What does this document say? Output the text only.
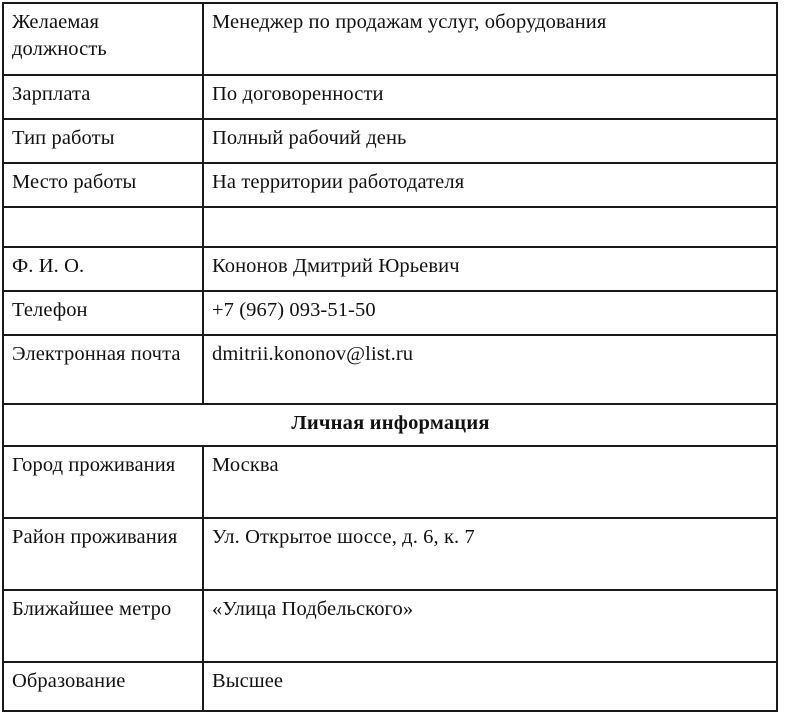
Желаемая должность	Менеджер по продажам услуг, оборудования
Зарплата	По договоренности
Тип работы	Полный рабочий день
Место работы	На территории работодателя

Ф. И. О.	Кононов Дмитрий Юрьевич
Телефон	+7 (967) 093-51-50
Электронная почта	dmitrii.kononov@list.ru
Личная информация	
Город проживания	Москва
Район проживания	Ул. Открытое шоссе, д. 6, к. 7
Ближайшее метро	«Улица Подбельского»
Образование	Высшее
